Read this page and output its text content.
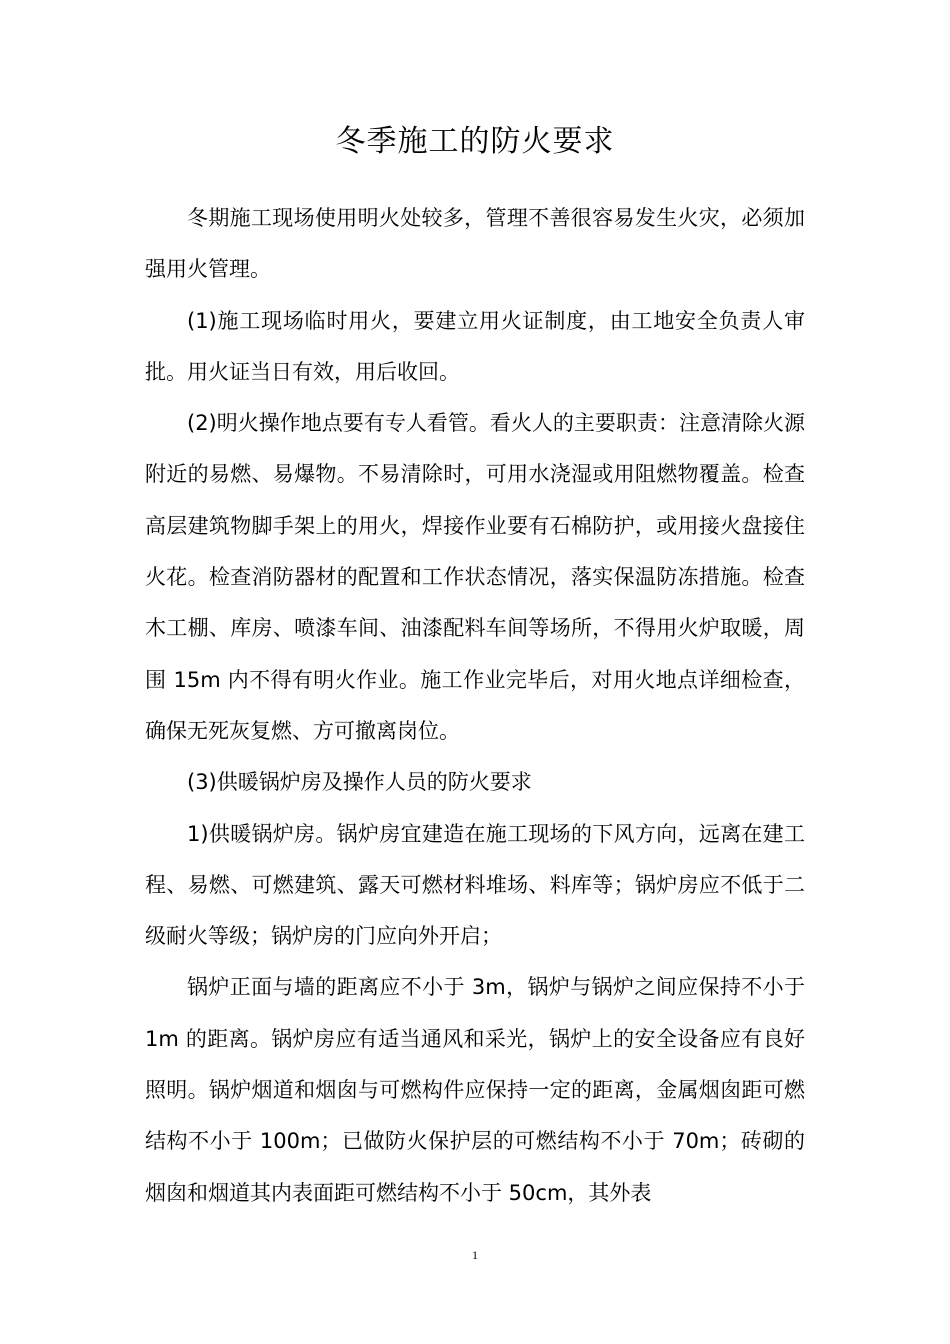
冬季施工的防火要求

冬期施工现场使用明火处较多，管理不善很容易发生火灾，必须加强用火管理。

(1)施工现场临时用火，要建立用火证制度，由工地安全负责人审批。用火证当日有效，用后收回。

(2)明火操作地点要有专人看管。看火人的主要职责：注意清除火源附近的易燃、易爆物。不易清除时，可用水浇湿或用阻燃物覆盖。检查高层建筑物脚手架上的用火，焊接作业要有石棉防护，或用接火盘接住火花。检查消防器材的配置和工作状态情况，落实保温防冻措施。检查木工棚、库房、喷漆车间、油漆配料车间等场所，不得用火炉取暖，周围 15m 内不得有明火作业。施工作业完毕后，对用火地点详细检查，确保无死灰复燃、方可撤离岗位。

(3)供暖锅炉房及操作人员的防火要求

1)供暖锅炉房。锅炉房宜建造在施工现场的下风方向，远离在建工程、易燃、可燃建筑、露天可燃材料堆场、料库等；锅炉房应不低于二级耐火等级；锅炉房的门应向外开启；

锅炉正面与墙的距离应不小于 3m，锅炉与锅炉之间应保持不小于 1m 的距离。锅炉房应有适当通风和采光，锅炉上的安全设备应有良好照明。锅炉烟道和烟囱与可燃构件应保持一定的距离，金属烟囱距可燃结构不小于 100m；已做防火保护层的可燃结构不小于 70m；砖砌的烟囱和烟道其内表面距可燃结构不小于 50cm，其外表

1
